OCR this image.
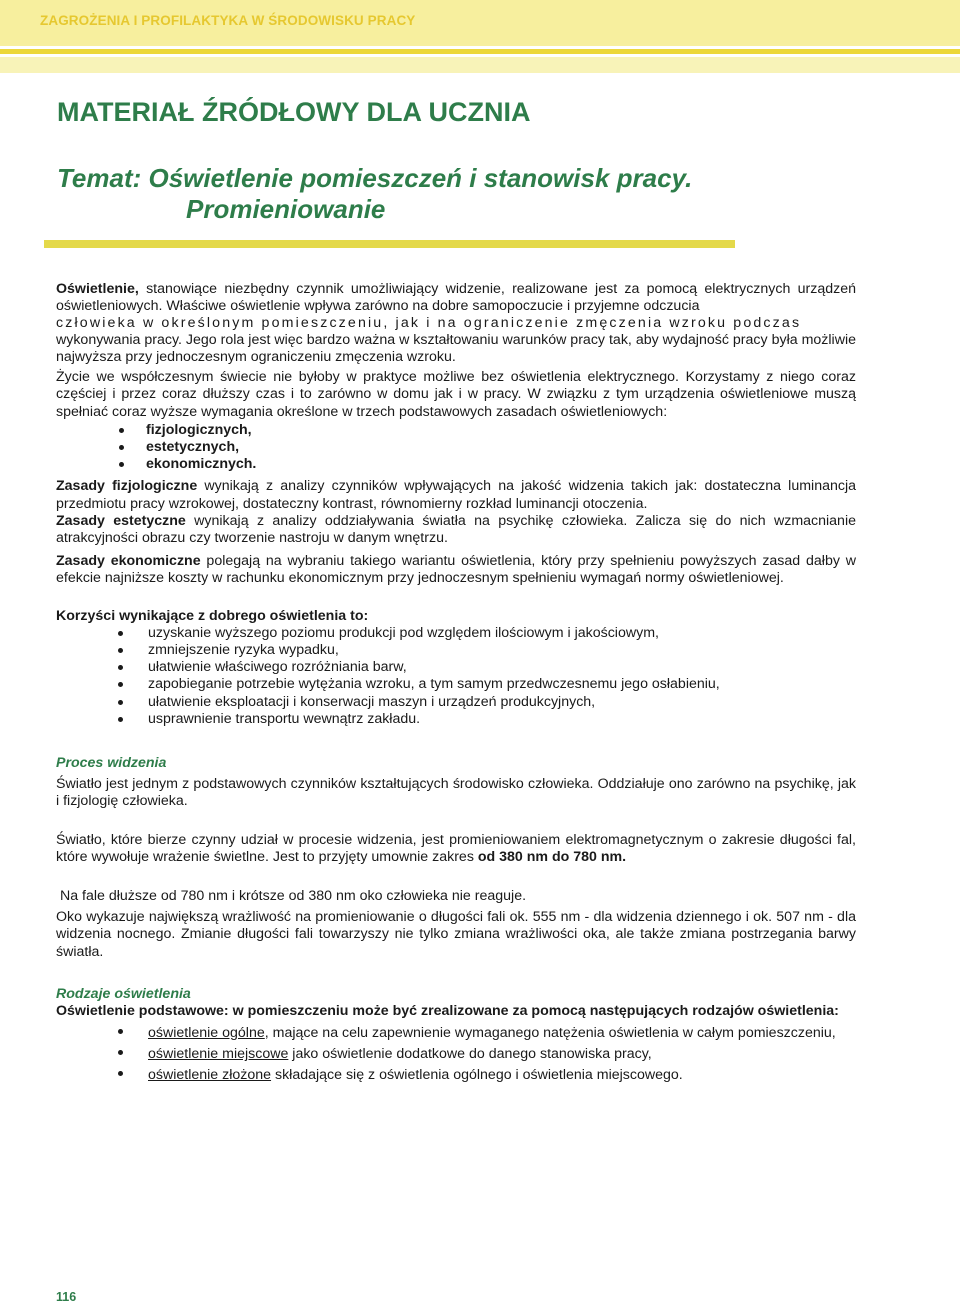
ZAGROŻENIA I PROFILAKTYKA W ŚRODOWISKU PRACY
MATERIAŁ ŹRÓDŁOWY DLA UCZNIA
Temat: Oświetlenie pomieszczeń i stanowisk pracy.
Promieniowanie

Oświetlenie, stanowiące niezbędny czynnik umożliwiający widzenie, realizowane jest za pomocą elektrycznych urządzeń oświetleniowych. Właściwe oświetlenie wpływa zarówno na dobre samopoczucie i przyjemne odczucia

człowieka w określonym pomieszczeniu, jak i na ograniczenie zmęczenia wzroku podczas

wykonywania pracy. Jego rola jest więc bardzo ważna w kształtowaniu warunków pracy tak, aby wydajność pracy była możliwie najwyższa przy jednoczesnym ograniczeniu zmęczenia wzroku.

Życie we współczesnym świecie nie byłoby w praktyce możliwe bez oświetlenia elektrycznego. Korzystamy z niego coraz częściej i przez coraz dłuższy czas i to zarówno w domu jak i w pracy. W związku z tym urządzenia oświetleniowe muszą spełniać coraz wyższe wymagania określone w trzech podstawowych zasadach oświetleniowych:

fizjologicznych,
estetycznych,
ekonomicznych.

Zasady fizjologiczne wynikają z analizy czynników wpływających na jakość widzenia takich jak: dostateczna luminancja przedmiotu pracy wzrokowej, dostateczny kontrast, równomierny rozkład luminancji otoczenia.

Zasady estetyczne wynikają z analizy oddziaływania światła na psychikę człowieka. Zalicza się do nich wzmacnianie atrakcyjności obrazu czy tworzenie nastroju w danym wnętrzu.

Zasady ekonomiczne polegają na wybraniu takiego wariantu oświetlenia, który przy spełnieniu powyższych zasad dałby w efekcie najniższe koszty w rachunku ekonomicznym przy jednoczesnym spełnieniu wymagań normy oświetleniowej.

Korzyści wynikające z dobrego oświetlenia to:

uzyskanie wyższego poziomu produkcji pod względem ilościowym i jakościowym,
zmniejszenie ryzyka wypadku,
ułatwienie właściwego rozróżniania barw,
zapobieganie potrzebie wytężania wzroku, a tym samym przedwczesnemu jego osłabieniu,
ułatwienie eksploatacji i konserwacji maszyn i urządzeń produkcyjnych,
usprawnienie transportu wewnątrz zakładu.

Proces widzenia

Światło jest jednym z podstawowych czynników kształtujących środowisko człowieka. Oddziałuje ono zarówno na psychikę, jak i fizjologię człowieka.

Światło, które bierze czynny udział w procesie widzenia, jest promieniowaniem elektromagnetycznym o zakresie długości fal, które wywołuje wrażenie świetlne. Jest to przyjęty umownie zakres od 380 nm do 780 nm.

Na fale dłuższe od 780 nm i krótsze od 380 nm oko człowieka nie reaguje.

Oko wykazuje największą wrażliwość na promieniowanie o długości fali ok. 555 nm - dla widzenia dziennego i ok. 507 nm - dla widzenia nocnego. Zmianie długości fali towarzyszy nie tylko zmiana wrażliwości oka, ale także zmiana postrzegania barwy światła.

Rodzaje oświetlenia

Oświetlenie podstawowe: w pomieszczeniu może być zrealizowane za pomocą następujących rodzajów oświetlenia:

oświetlenie ogólne, mające na celu zapewnienie wymaganego natężenia oświetlenia w całym pomieszczeniu,
oświetlenie miejscowe jako oświetlenie dodatkowe do danego stanowiska pracy,
oświetlenie złożone składające się z oświetlenia ogólnego i oświetlenia miejscowego.
116
